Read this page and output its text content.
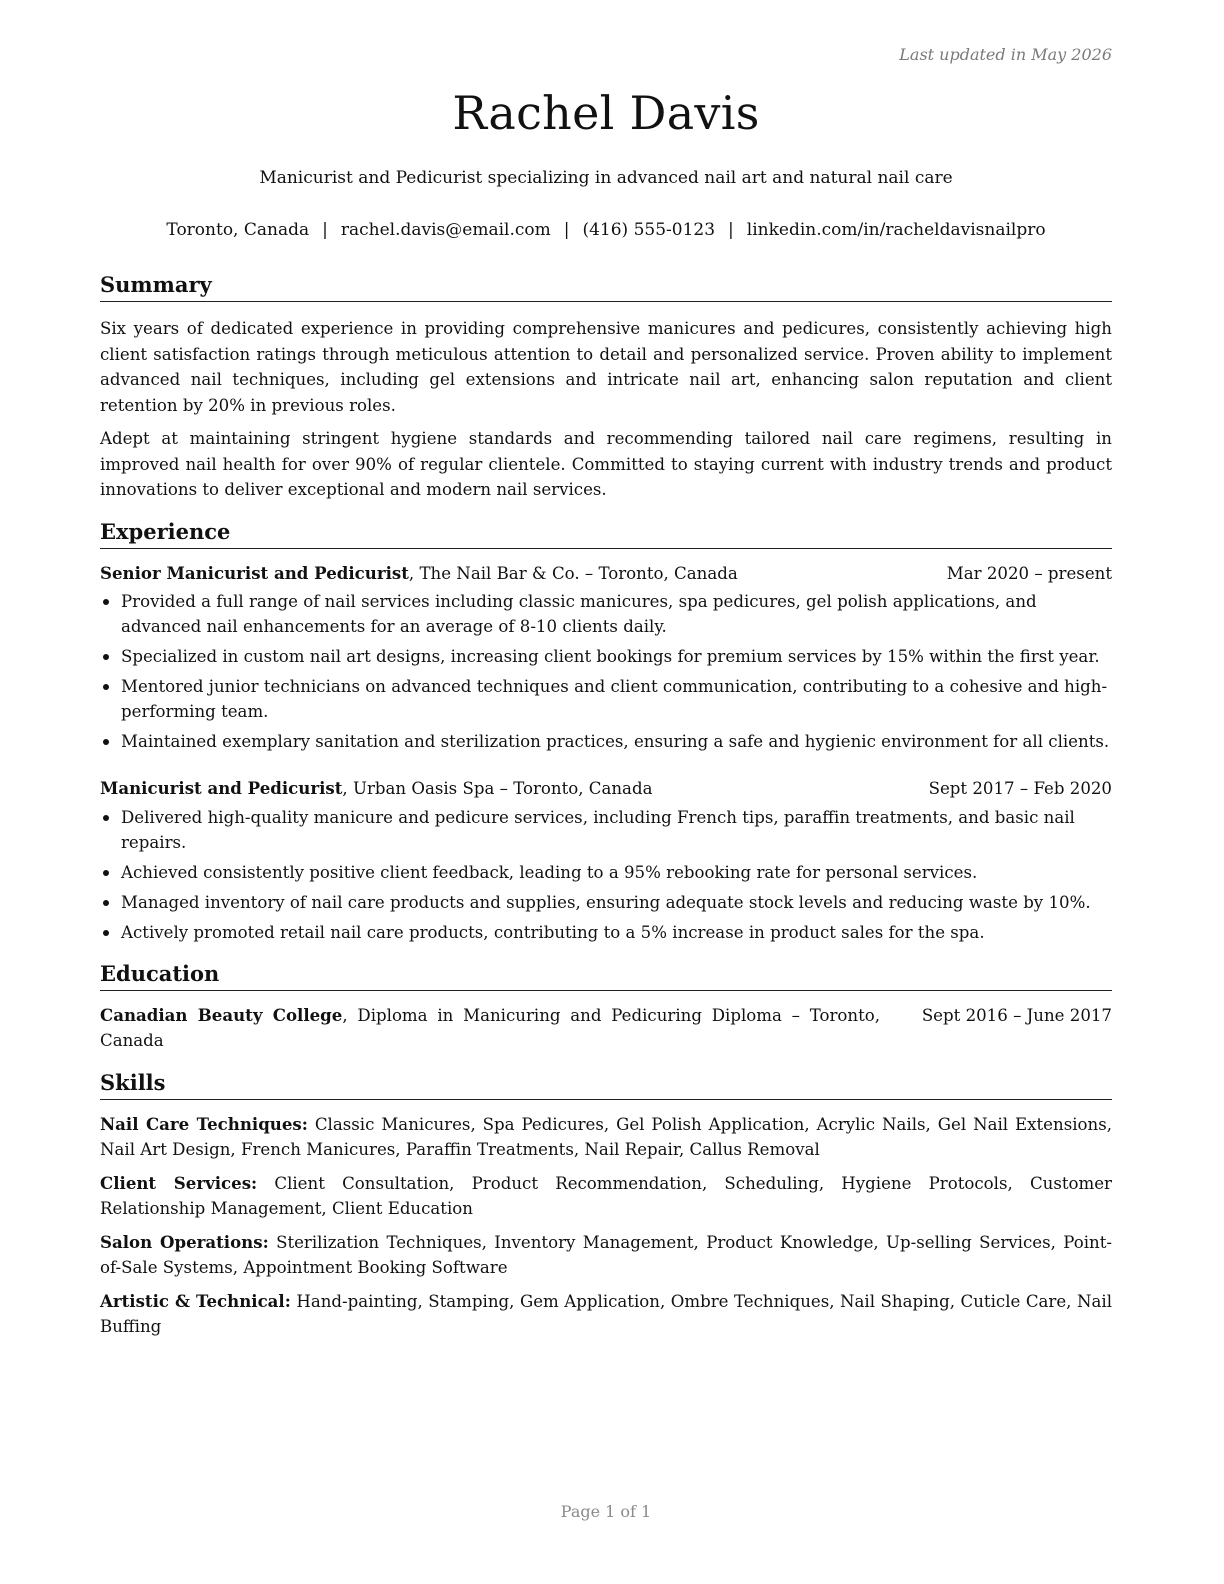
Last updated in May 2026
Rachel Davis

Manicurist and Pedicurist specializing in advanced nail art and natural nail care

Toronto, Canada | rachel.davis@email.com | (416) 555-0123 | linkedin.com/in/racheldavisnailpro
Summary

Six years of dedicated experience in providing comprehensive manicures and pedicures, consistently achieving high client satisfaction ratings through meticulous attention to detail and personalized service. Proven ability to implement advanced nail techniques, including gel extensions and intricate nail art, enhancing salon reputation and client retention by 20% in previous roles.

Adept at maintaining stringent hygiene standards and recommending tailored nail care regimens, resulting in improved nail health for over 90% of regular clientele. Committed to staying current with industry trends and product innovations to deliver exceptional and modern nail services.

Experience
Senior Manicurist and Pedicurist, The Nail Bar & Co. – Toronto, Canada	Mar 2020 – present
Provided a full range of nail services including classic manicures, spa pedicures, gel polish applications, and advanced nail enhancements for an average of 8-10 clients daily.
Specialized in custom nail art designs, increasing client bookings for premium services by 15% within the first year.
Mentored junior technicians on advanced techniques and client communication, contributing to a cohesive and high-performing team.
Maintained exemplary sanitation and sterilization practices, ensuring a safe and hygienic environment for all clients.
Manicurist and Pedicurist, Urban Oasis Spa – Toronto, Canada	Sept 2017 – Feb 2020
Delivered high-quality manicure and pedicure services, including French tips, paraffin treatments, and basic nail repairs.
Achieved consistently positive client feedback, leading to a 95% rebooking rate for personal services.
Managed inventory of nail care products and supplies, ensuring adequate stock levels and reducing waste by 10%.
Actively promoted retail nail care products, contributing to a 5% increase in product sales for the spa.
Education
Canadian Beauty College, Diploma in Manicuring and Pedicuring Diploma – Toronto, Canada
Sept 2016 – June 2017
Skills

Nail Care Techniques: Classic Manicures, Spa Pedicures, Gel Polish Application, Acrylic Nails, Gel Nail Extensions, Nail Art Design, French Manicures, Paraffin Treatments, Nail Repair, Callus Removal

Client Services: Client Consultation, Product Recommendation, Scheduling, Hygiene Protocols, Customer Relationship Management, Client Education

Salon Operations: Sterilization Techniques, Inventory Management, Product Knowledge, Up-selling Services, Point-of-Sale Systems, Appointment Booking Software

Artistic & Technical: Hand-painting, Stamping, Gem Application, Ombre Techniques, Nail Shaping, Cuticle Care, Nail Buffing

Page 1 of 1
